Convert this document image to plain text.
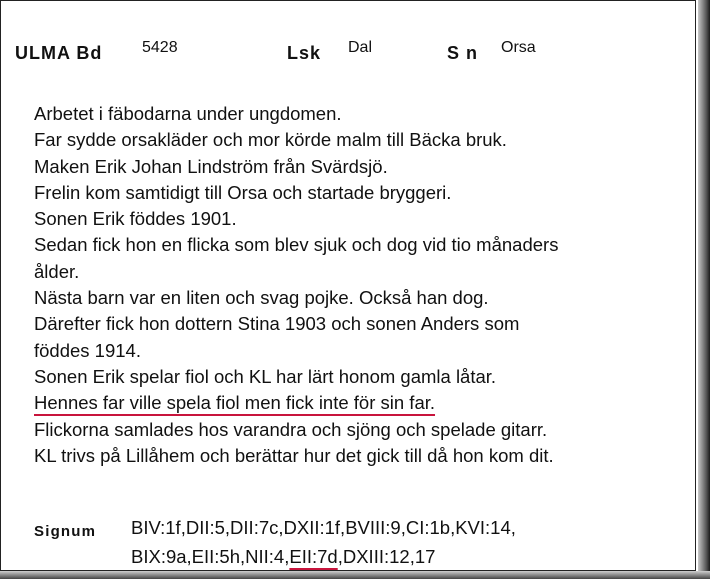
ULMA Bd 5428	Lsk Dal	S n Orsa
Arbetet i fäbodarna under ungdomen.
Far sydde orsakläder och mor körde malm till Bäcka bruk.
Maken Erik Johan Lindström från Svärdsjö.
Frelin kom samtidigt till Orsa och startade bryggeri.
Sonen Erik föddes 1901.
Sedan fick hon en flicka som blev sjuk och dog vid tio månaders
ålder.
Nästa barn var en liten och svag pojke. Också han dog.
Därefter fick hon dottern Stina 1903 och sonen Anders som
föddes 1914.
Sonen Erik spelar fiol och KL har lärt honom gamla låtar.
Hennes far ville spela fiol men fick inte för sin far.
Flickorna samlades hos varandra och sjöng och spelade gitarr.
KL trivs på Lillåhem och berättar hur det gick till då hon kom dit.
Signum BIV:1f,DII:5,DII:7c,DXII:1f,BVIII:9,CI:1b,KVI:14,
BIX:9a,EII:5h,NII:4,EII:7d,DXIII:12,17
